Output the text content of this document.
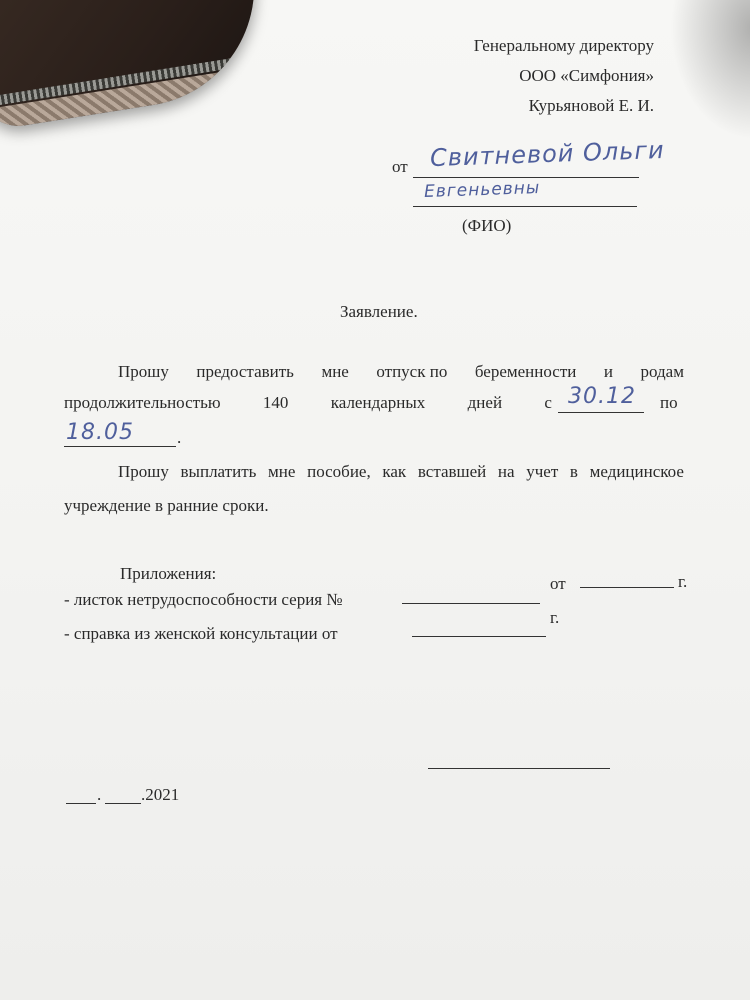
Генеральному директору
ООО «Симфония»
Курьяновой Е. И.
от Свитневой Ольги
Евгеньевны
(ФИО)
Заявление.
Прошу предоставить мне отпуск по беременности и родам
продолжительностью 140 календарных дней с 30.12 по
18.05	.
Прошу выплатить мне пособие, как вставшей на учет в медицинское
учреждение в ранние сроки.
Приложения:
- листок нетрудоспособности серия №
от	г.
- справка из женской консультации от
г.
. .2021
